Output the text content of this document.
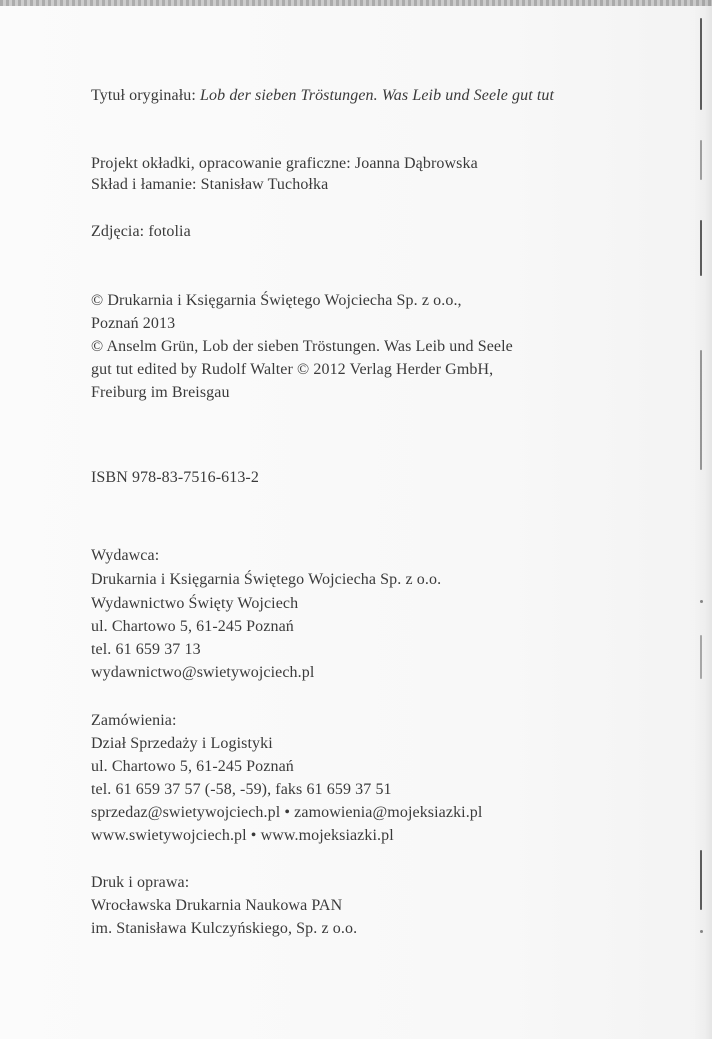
Tytuł oryginału: Lob der sieben Tröstungen. Was Leib und Seele gut tut
Projekt okładki, opracowanie graficzne: Joanna Dąbrowska
Skład i łamanie: Stanisław Tuchołka
Zdjęcia: fotolia
© Drukarnia i Księgarnia Świętego Wojciecha Sp. z o.o.,
Poznań 2013
© Anselm Grün, Lob der sieben Tröstungen. Was Leib und Seele
gut tut edited by Rudolf Walter © 2012 Verlag Herder GmbH,
Freiburg im Breisgau
ISBN 978-83-7516-613-2
Wydawca:
Drukarnia i Księgarnia Świętego Wojciecha Sp. z o.o.
Wydawnictwo Święty Wojciech
ul. Chartowo 5, 61-245 Poznań
tel. 61 659 37 13
wydawnictwo@swietywojciech.pl
Zamówienia:
Dział Sprzedaży i Logistyki
ul. Chartowo 5, 61-245 Poznań
tel. 61 659 37 57 (-58, -59), faks 61 659 37 51
sprzedaz@swietywojciech.pl • zamowienia@mojeksiazki.pl
www.swietywojciech.pl • www.mojeksiazki.pl
Druk i oprawa:
Wrocławska Drukarnia Naukowa PAN
im. Stanisława Kulczyńskiego, Sp. z o.o.
